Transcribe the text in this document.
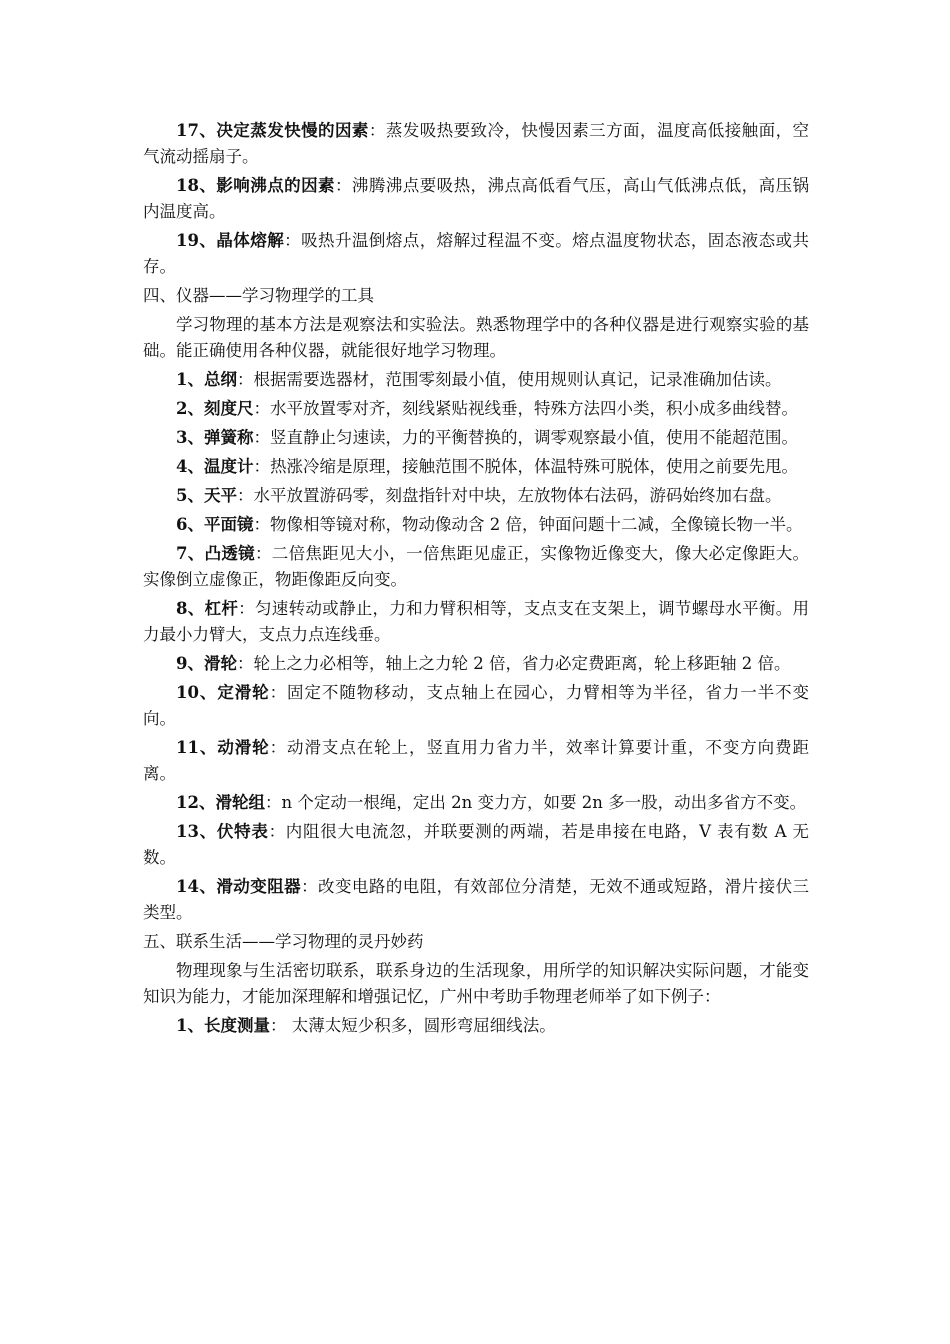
17、决定蒸发快慢的因素：蒸发吸热要致冷，快慢因素三方面，温度高低接触面，空气流动摇扇子。

18、影响沸点的因素：沸腾沸点要吸热，沸点高低看气压，高山气低沸点低，高压锅内温度高。

19、晶体熔解：吸热升温倒熔点，熔解过程温不变。熔点温度物状态，固态液态或共存。

四、仪器——学习物理学的工具

学习物理的基本方法是观察法和实验法。熟悉物理学中的各种仪器是进行观察实验的基础。能正确使用各种仪器，就能很好地学习物理。

1、总纲：根据需要选器材，范围零刻最小值，使用规则认真记，记录准确加估读。

2、刻度尺：水平放置零对齐，刻线紧贴视线垂，特殊方法四小类，积小成多曲线替。

3、弹簧称：竖直静止匀速读，力的平衡替换的，调零观察最小值，使用不能超范围。

4、温度计：热涨冷缩是原理，接触范围不脱体，体温特殊可脱体，使用之前要先甩。

5、天平：水平放置游码零，刻盘指针对中块，左放物体右法码，游码始终加右盘。

6、平面镜：物像相等镜对称，物动像动含 2 倍，钟面问题十二减，全像镜长物一半。

7、凸透镜：二倍焦距见大小，一倍焦距见虚正，实像物近像变大，像大必定像距大。实像倒立虚像正，物距像距反向变。

8、杠杆：匀速转动或静止，力和力臂积相等，支点支在支架上，调节螺母水平衡。用力最小力臂大，支点力点连线垂。

9、滑轮：轮上之力必相等，轴上之力轮 2 倍，省力必定费距离，轮上移距轴 2 倍。

10、定滑轮：固定不随物移动，支点轴上在园心，力臂相等为半径，省力一半不变向。

11、动滑轮：动滑支点在轮上，竖直用力省力半，效率计算要计重，不变方向费距离。

12、滑轮组：n 个定动一根绳，定出 2n 变力方，如要 2n 多一股，动出多省方不变。

13、伏特表：内阻很大电流忽，并联要测的两端，若是串接在电路，V 表有数 A 无数。

14、滑动变阻器：改变电路的电阻，有效部位分清楚，无效不通或短路，滑片接伏三类型。

五、联系生活——学习物理的灵丹妙药

物理现象与生活密切联系，联系身边的生活现象，用所学的知识解决实际问题，才能变知识为能力，才能加深理解和增强记忆，广州中考助手物理老师举了如下例子：

1、长度测量： 太薄太短少积多，圆形弯屈细线法。
